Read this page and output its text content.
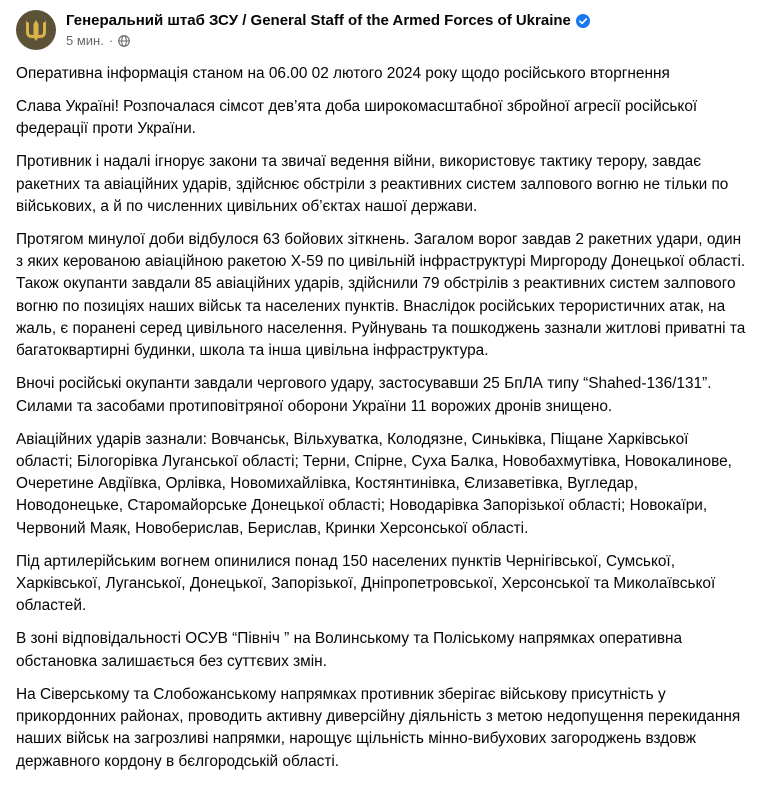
Генеральний штаб ЗСУ / General Staff of the Armed Forces of Ukraine
5 мин. ·

Оперативна інформація станом на 06.00 02 лютого 2024 року щодо російського вторгнення

Слава Україні! Розпочалася сімсот дев’ята доба широкомасштабної збройної агресії російської федерації проти України.

Противник і надалі ігнорує закони та звичаї ведення війни, використовує тактику терору, завдає ракетних та авіаційних ударів, здійснює обстріли з реактивних систем залпового вогню не тільки по військових, а й по численних цивільних об’єктах нашої держави.

Протягом минулої доби відбулося 63 бойових зіткнень. Загалом ворог завдав 2 ракетних удари, один з яких керованою авіаційною ракетою Х-59 по цивільній інфраструктурі Миргороду Донецької області. Також окупанти завдали 85 авіаційних ударів, здійснили 79 обстрілів з реактивних систем залпового вогню по позиціях наших військ та населених пунктів. Внаслідок російських терористичних атак, на жаль, є поранені серед цивільного населення. Руйнувань та пошкоджень зазнали житлові приватні та багатоквартирні будинки, школа та інша цивільна інфраструктура.

Вночі російські окупанти завдали чергового удару, застосувавши 25 БпЛА типу “Shahed-136/131”. Силами та засобами протиповітряної оборони України 11 ворожих дронів знищено.

Авіаційних ударів зазнали: Вовчанськ, Вільхуватка, Колодязне, Синьківка, Піщане Харківської області; Білогорівка Луганської області; Терни, Спірне, Суха Балка, Новобахмутівка, Новокалинове, Очеретине Авдіївка, Орлівка, Новомихайлівка, Костянтинівка, Єлизаветівка, Вугледар, Новодонецьке, Старомайорське Донецької області; Новодарівка Запорізької області; Новокаїри, Червоний Маяк, Новоберислав, Берислав, Кринки Херсонської області.

Під артилерійським вогнем опинилися понад 150 населених пунктів Чернігівської, Сумської, Харківської, Луганської, Донецької, Запорізької, Дніпропетровської, Херсонської та Миколаївської областей.

В зоні відповідальності ОСУВ “Північ ” на Волинському та Поліському напрямках оперативна обстановка залишається без суттєвих змін.

На Сіверському та Слобожанському напрямках противник зберігає військову присутність у прикордонних районах, проводить активну диверсійну діяльність з метою недопущення перекидання наших військ на загрозливі напрямки, нарощує щільність мінно-вибухових загороджень вздовж державного кордону в бєлгородській області.
